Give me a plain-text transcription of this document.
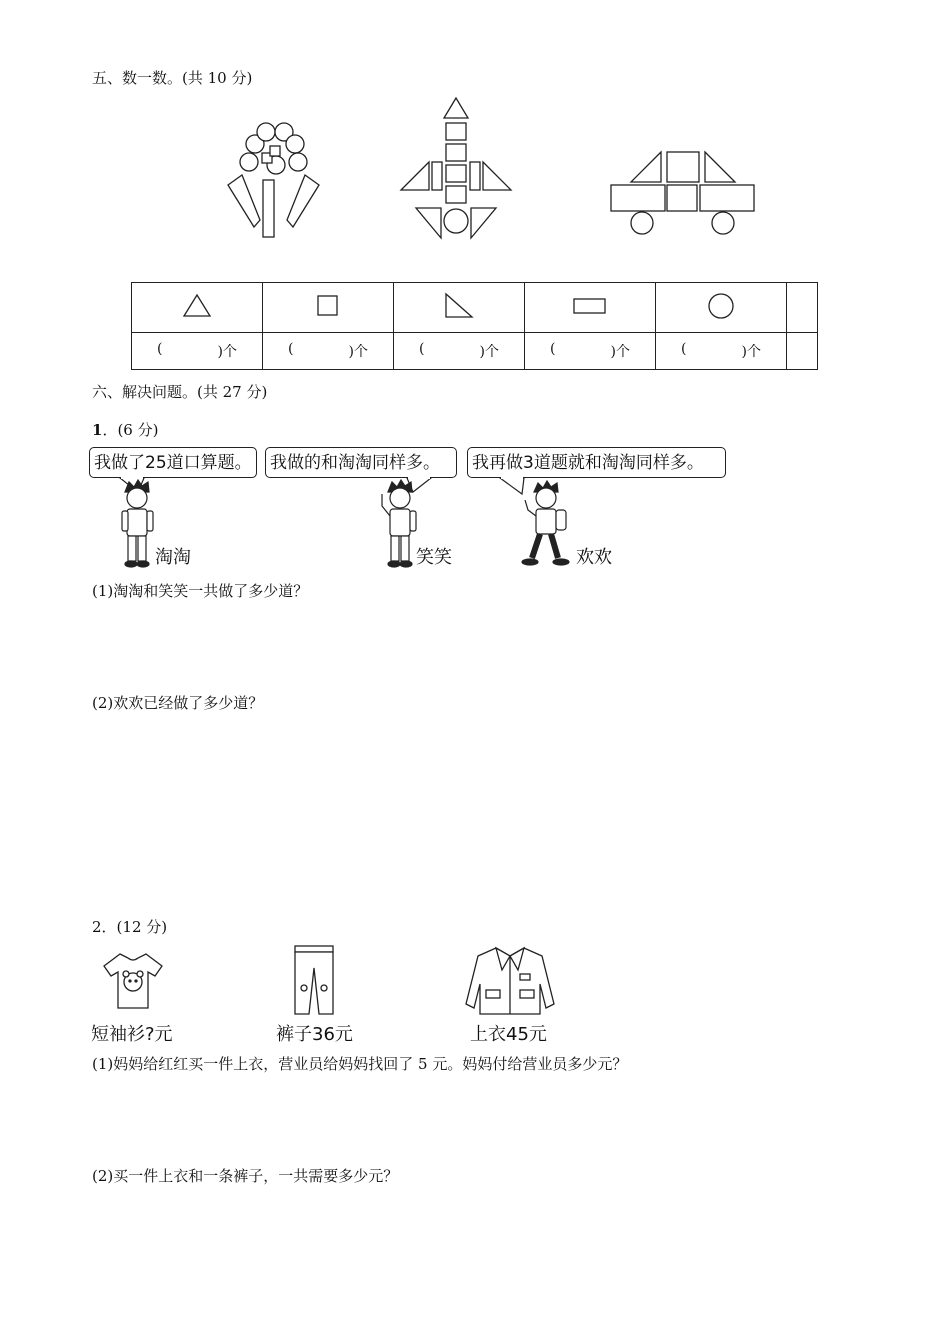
五、数一数。(共 10 分)

( )个	( )个	( )个	( )个	( )个	

六、解决问题。(共 27 分)
1．(6 分)
我做了25道口算题。	我做的和淘淘同样多。	我再做3道题就和淘淘同样多。
淘淘	笑笑	欢欢
(1)淘淘和笑笑一共做了多少道？
(2)欢欢已经做了多少道？
2．(12 分)
短袖衫?元	裤子36元	上衣45元
(1)妈妈给红红买一件上衣，营业员给妈妈找回了 5 元。妈妈付给营业员多少元？
(2)买一件上衣和一条裤子，一共需要多少元？
